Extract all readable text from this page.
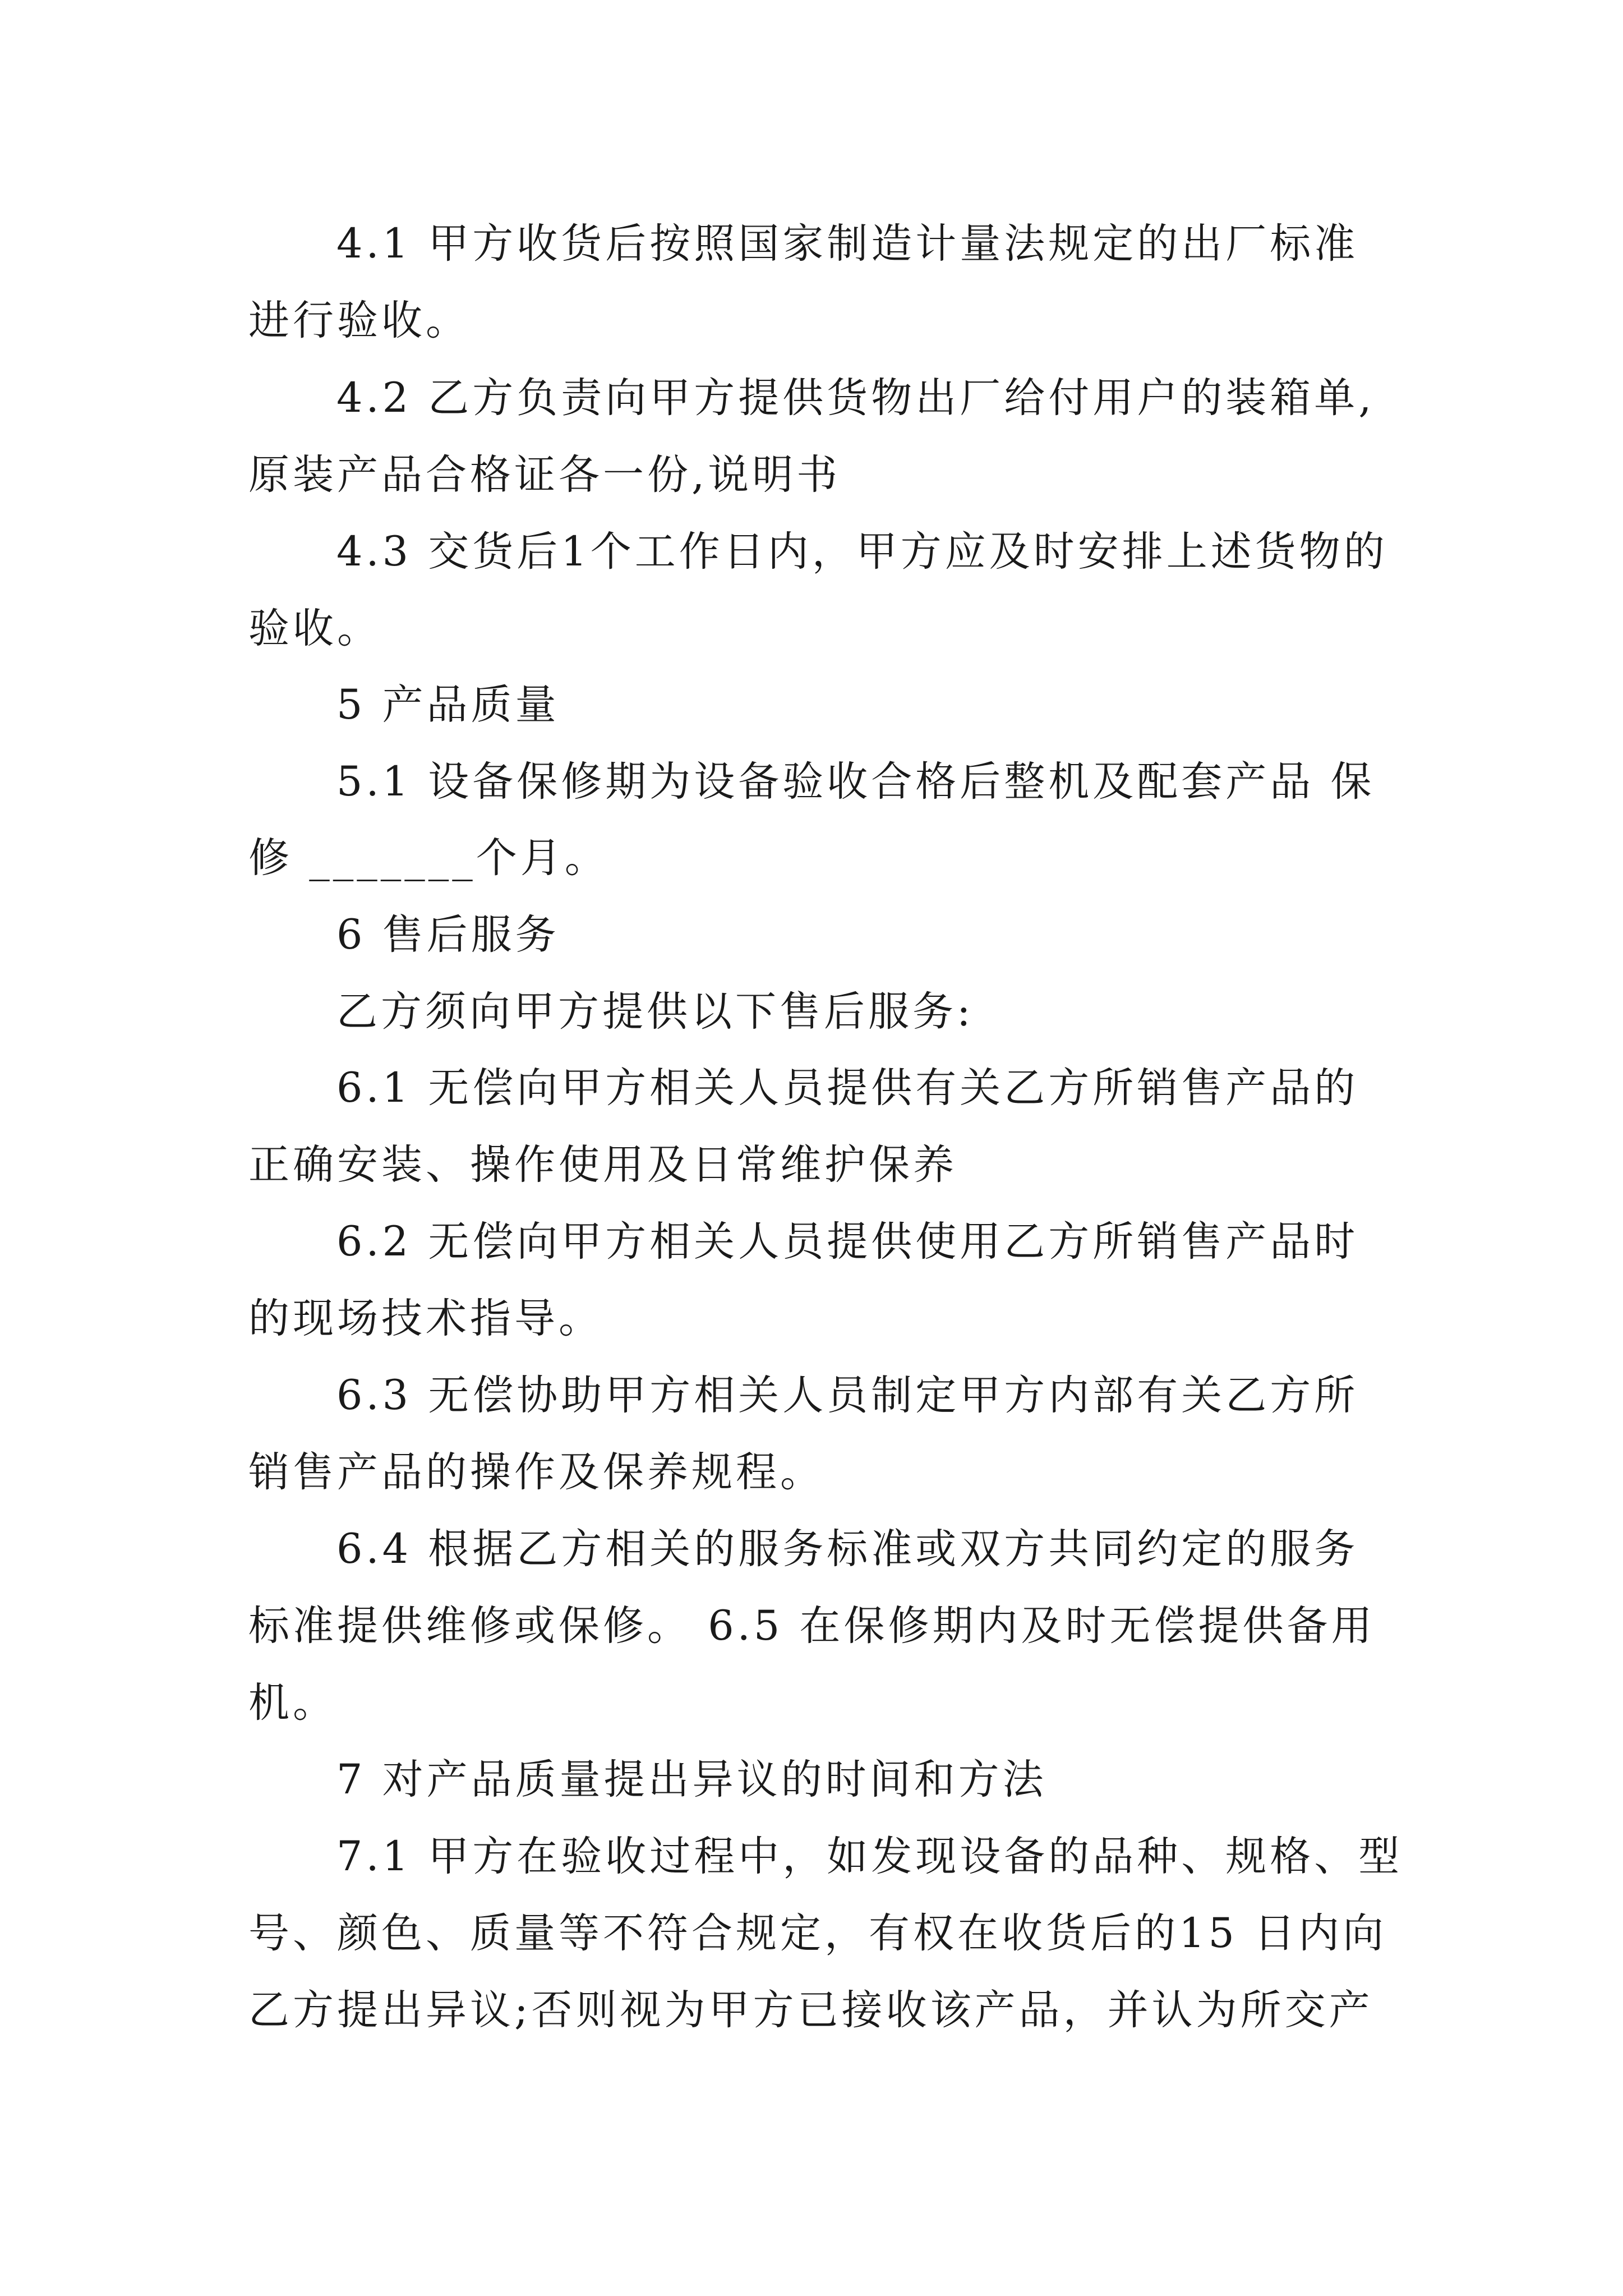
4.1 甲方收货后按照国家制造计量法规定的出厂标准

进行验收。

4.2 乙方负责向甲方提供货物出厂给付用户的装箱单,

原装产品合格证各一份,说明书

4.3 交货后1个工作日内，甲方应及时安排上述货物的

验收。

5 产品质量

5.1 设备保修期为设备验收合格后整机及配套产品 保

修 _______个月。

6 售后服务

乙方须向甲方提供以下售后服务:

6.1 无偿向甲方相关人员提供有关乙方所销售产品的

正确安装、操作使用及日常维护保养

6.2 无偿向甲方相关人员提供使用乙方所销售产品时

的现场技术指导。

6.3 无偿协助甲方相关人员制定甲方内部有关乙方所

销售产品的操作及保养规程。

6.4 根据乙方相关的服务标准或双方共同约定的服务

标准提供维修或保修。 6.5 在保修期内及时无偿提供备用

机。

7 对产品质量提出异议的时间和方法

7.1 甲方在验收过程中，如发现设备的品种、规格、型

号、颜色、质量等不符合规定，有权在收货后的15 日内向

乙方提出异议;否则视为甲方已接收该产品，并认为所交产
